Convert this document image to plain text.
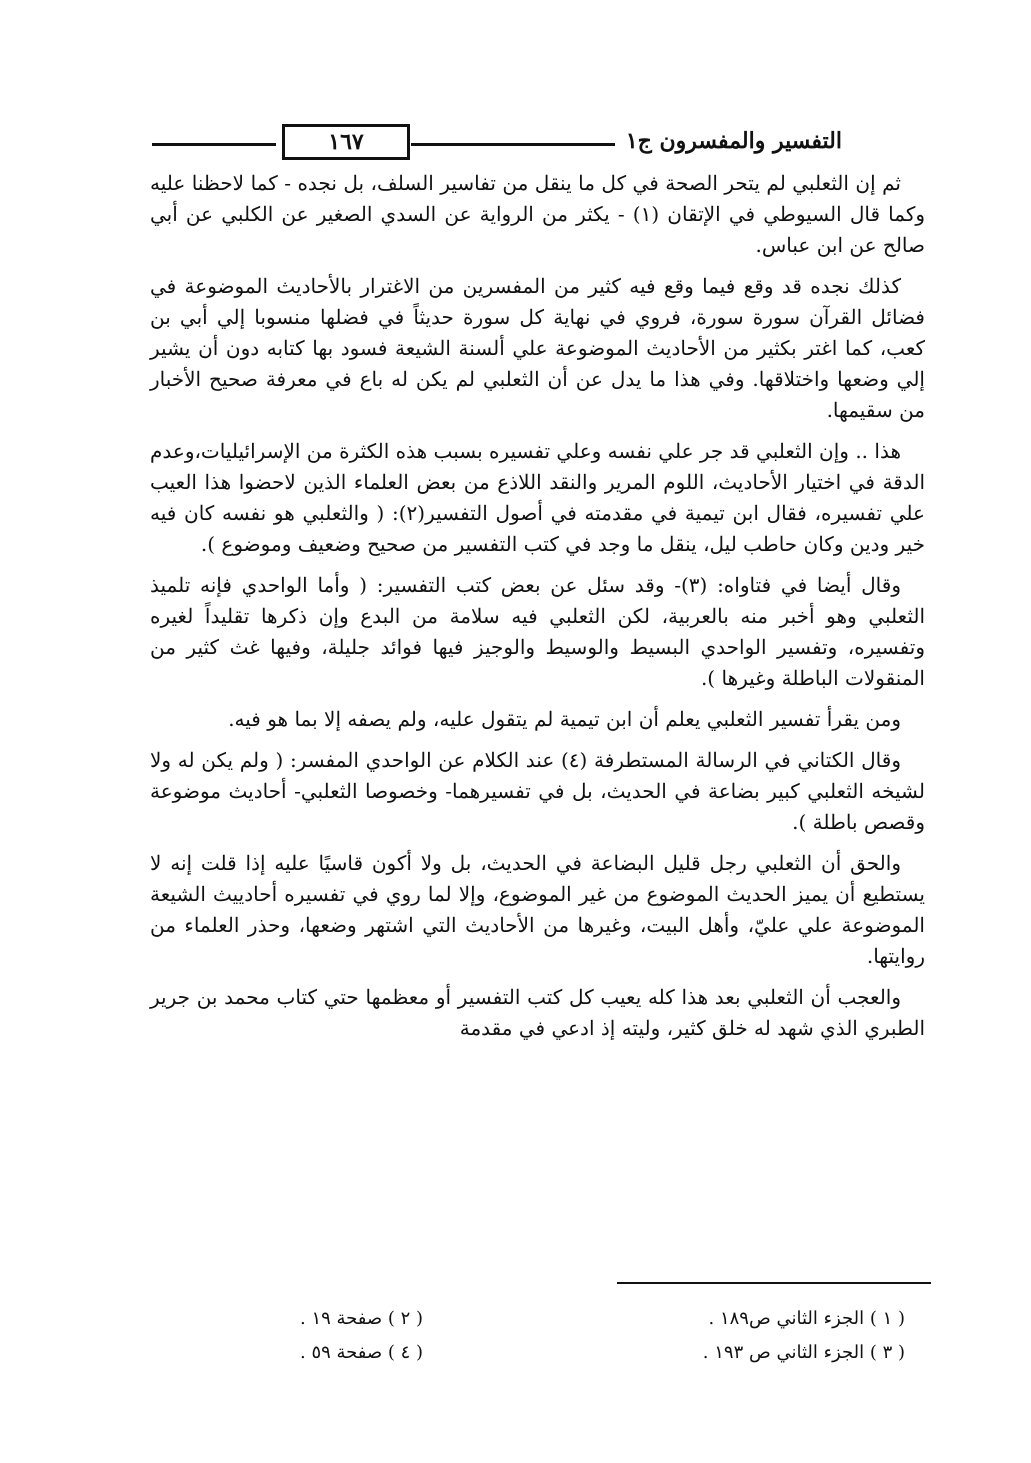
التفسير والمفسرون ج١
١٦٧

ثم إن الثعلبي لم يتحر الصحة في كل ما ينقل من تفاسير السلف، بل نجده - كما لاحظنا عليه وكما قال السيوطي في الإتقان (١) - يكثر من الرواية عن السدي الصغير عن الكلبي عن أبي صالح عن ابن عباس.

كذلك نجده قد وقع فيما وقع فيه كثير من المفسرين من الاغترار بالأحاديث الموضوعة في فضائل القرآن سورة سورة، فروي في نهاية كل سورة حديثاً في فضلها منسوبا إلي أبي بن كعب، كما اغتر بكثير من الأحاديث الموضوعة علي ألسنة الشيعة فسود بها كتابه دون أن يشير إلي وضعها واختلاقها. وفي هذا ما يدل عن أن الثعلبي لم يكن له باع في معرفة صحيح الأخبار من سقيمها.

هذا .. وإن الثعلبي قد جر علي نفسه وعلي تفسيره بسبب هذه الكثرة من الإسرائيليات،وعدم الدقة في اختيار الأحاديث، اللوم المرير والنقد اللاذع من بعض العلماء الذين لاحضوا هذا العيب علي تفسيره، فقال ابن تيمية في مقدمته في أصول التفسير(٢): ( والثعلبي هو نفسه كان فيه خير ودين وكان حاطب ليل، ينقل ما وجد في كتب التفسير من صحيح وضعيف وموضوع ).

وقال أيضا في فتاواه: (٣)- وقد سئل عن بعض كتب التفسير: ( وأما الواحدي فإنه تلميذ الثعلبي وهو أخبر منه بالعربية، لكن الثعلبي فيه سلامة من البدع وإن ذكرها تقليداً لغيره وتفسيره، وتفسير الواحدي البسيط والوسيط والوجيز فيها فوائد جليلة، وفيها غث كثير من المنقولات الباطلة وغيرها ).

ومن يقرأ تفسير الثعلبي يعلم أن ابن تيمية لم يتقول عليه، ولم يصفه إلا بما هو فيه.

وقال الكتاني في الرسالة المستطرفة (٤) عند الكلام عن الواحدي المفسر: ( ولم يكن له ولا لشيخه الثعلبي كبير بضاعة في الحديث، بل في تفسيرهما- وخصوصا الثعلبي- أحاديث موضوعة وقصص باطلة ).

والحق أن الثعلبي رجل قليل البضاعة في الحديث، بل ولا أكون قاسيًا عليه إذا قلت إنه لا يستطيع أن يميز الحديث الموضوع من غير الموضوع، وإلا لما روي في تفسيره أحادييث الشيعة الموضوعة علي عليّ، وأهل البيت، وغيرها من الأحاديث التي اشتهر وضعها، وحذر العلماء من روايتها.

والعجب أن الثعلبي بعد هذا كله يعيب كل كتب التفسير أو معظمها حتي كتاب محمد بن جرير الطبري الذي شهد له خلق كثير، وليته إذ ادعي في مقدمة

( ١ ) الجزء الثاني ص١٨٩ .
( ٢ ) صفحة ١٩ .
( ٣ ) الجزء الثاني ص ١٩٣ .
( ٤ ) صفحة ٥٩ .
